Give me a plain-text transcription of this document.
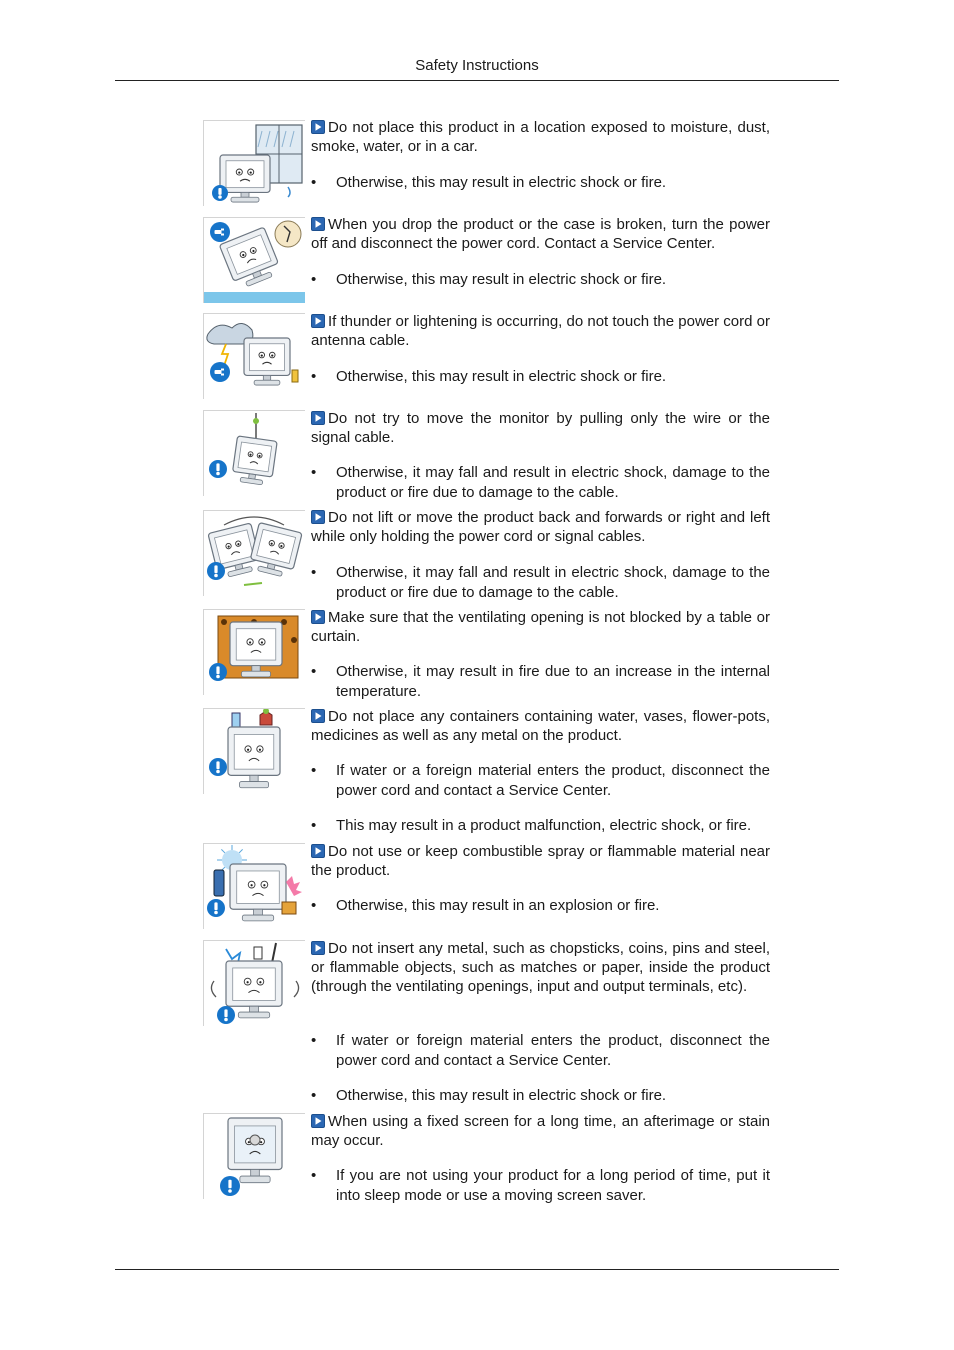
Safety Instructions
Do not place this product in a location exposed to moisture, dust, smoke, water, or in a car.
• Otherwise, this may result in electric shock or fire.
When you drop the product or the case is broken, turn the power off and disconnect the power cord. Contact a Service Center.
• Otherwise, this may result in electric shock or fire.
If thunder or lightening is occurring, do not touch the power cord or antenna cable.
• Otherwise, this may result in electric shock or fire.
Do not try to move the monitor by pulling only the wire or the signal cable.
• Otherwise, it may fall and result in electric shock, damage to the product or fire due to damage to the cable.
Do not lift or move the product back and forwards or right and left while only holding the power cord or signal cables.
• Otherwise, it may fall and result in electric shock, damage to the product or fire due to damage to the cable.
Make sure that the ventilating opening is not blocked by a table or curtain.
• Otherwise, it may result in fire due to an increase in the internal temperature.
Do not place any containers containing water, vases, flower-pots, medicines as well as any metal on the product.
• If water or a foreign material enters the product, disconnect the power cord and contact a Service Center.
• This may result in a product malfunction, electric shock, or fire.
Do not use or keep combustible spray or flammable material near the product.
• Otherwise, this may result in an explosion or fire.
Do not insert any metal, such as chopsticks, coins, pins and steel, or flammable objects, such as matches or paper, inside the product (through the ventilating openings, input and output terminals, etc).
• If water or foreign material enters the product, disconnect the power cord and contact a Service Center.
• Otherwise, this may result in electric shock or fire.
When using a fixed screen for a long time, an afterimage or stain may occur.
• If you are not using your product for a long period of time, put it into sleep mode or use a moving screen saver.
